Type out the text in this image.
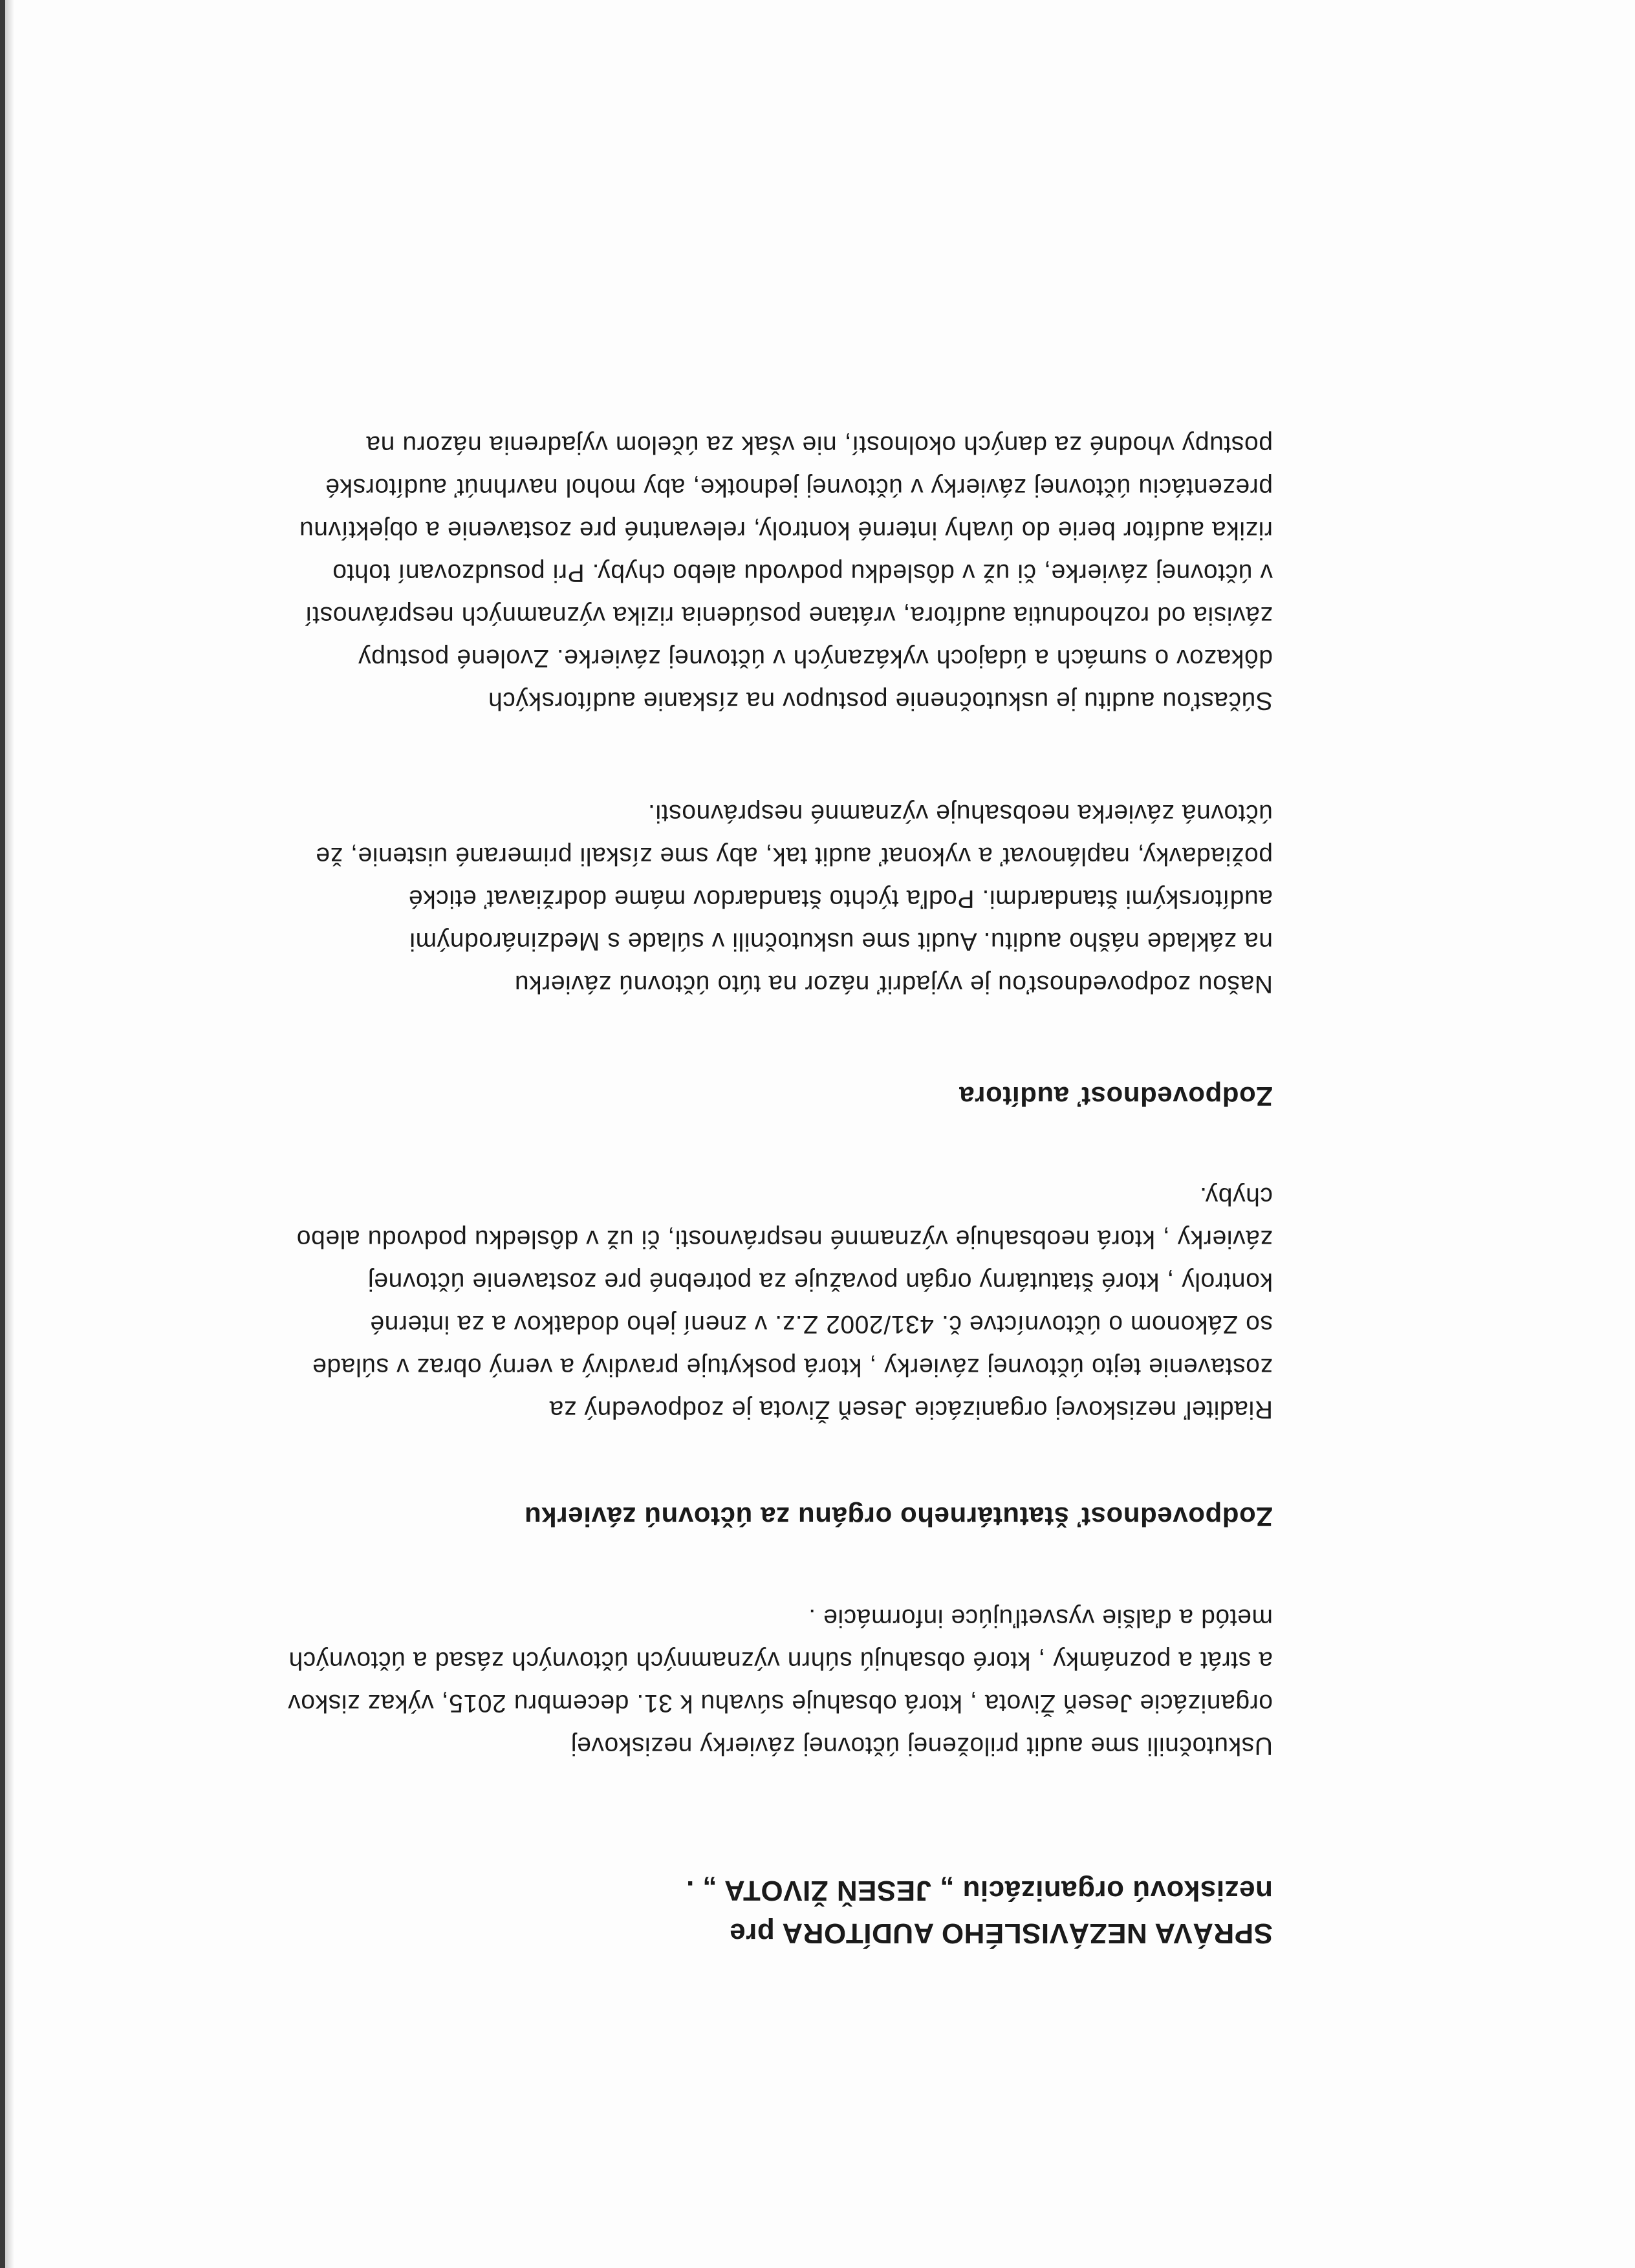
SPRÁVA NEZÁVISLÉHO AUDÍTORA pre
neziskovú organizáciu „ JESEŇ ŽIVOTA „ .

Uskutočnili sme audit priloženej účtovnej závierky neziskovej
organizácie Jeseň Života , ktorá obsahuje súvahu k 31. decembru 2015, výkaz ziskov
a strát a poznámky , ktoré obsahujú súhrn významných účtovných zásad a účtovných
metód a ďalšie vysvetľujúce informácie .

Zodpovednosť štatutárneho orgánu za účtovnú závierku

Riaditeľ neziskovej organizácie Jeseň Života je zodpovedný za
zostavenie tejto účtovnej závierky , ktorá poskytuje pravdivý a verný obraz v súlade
so Zákonom o účtovníctve č. 431/2002 Z.z. v znení jeho dodatkov a za interné
kontroly , ktoré štatutárny orgán považuje za potrebné pre zostavenie účtovnej
závierky , ktorá neobsahuje významné nesprávnosti, či už v dôsledku podvodu alebo
chyby.

Zodpovednosť audítora

Našou zodpovednosťou je vyjadriť názor na túto účtovnú závierku
na základe nášho auditu. Audit sme uskutočnili v súlade s Medzinárodnými
audítorskými štandardmi. Podľa týchto štandardov máme dodržiavať etické
požiadavky, naplánovať a vykonať audit tak, aby sme získali primerané uistenie, že
účtovná závierka neobsahuje významné nesprávnosti.

Súčasťou auditu je uskutočnenie postupov na získanie audítorských
dôkazov o sumách a údajoch vykázaných v účtovnej závierke. Zvolené postupy
závisia od rozhodnutia audítora, vrátane posúdenia rizika významných nesprávností
v účtovnej závierke, či už v dôsledku podvodu alebo chyby. Pri posudzovaní tohto
rizika audítor berie do úvahy interné kontroly, relevantné pre zostavenie a objektívnu
prezentáciu účtovnej závierky v účtovnej jednotke, aby mohol navrhnúť audítorské
postupy vhodné za daných okolností, nie však za účelom vyjadrenia názoru na
